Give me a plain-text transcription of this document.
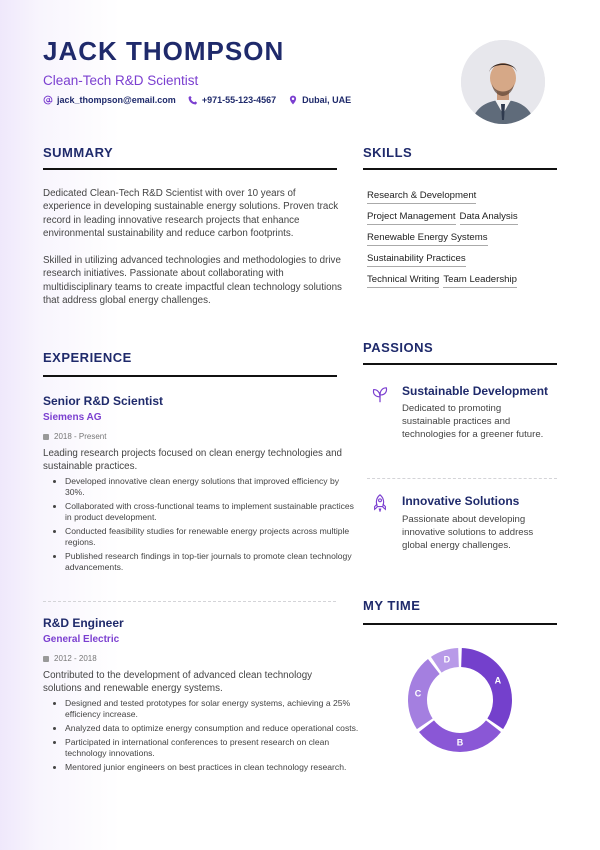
JACK THOMPSON

Clean-Tech R&D Scientist

jack_thompson@email.com	+971-55-123-4567	Dubai, UAE
SUMMARY

Dedicated Clean-Tech R&D Scientist with over 10 years of experience in developing sustainable energy solutions. Proven track record in leading innovative research projects that enhance environmental sustainability and reduce carbon footprints.

Skilled in utilizing advanced technologies and methodologies to drive research initiatives. Passionate about collaborating with multidisciplinary teams to create impactful clean technology solutions that address global energy challenges.

SKILLS
Research & Development
Project Management Data Analysis
Renewable Energy Systems
Sustainability Practices
Technical Writing Team Leadership
EXPERIENCE
Senior R&D Scientist

Siemens AG

2018 - Present

Leading research projects focused on clean energy technologies and sustainable practices.

• Developed innovative clean energy solutions that improved efficiency by 30%.
• Collaborated with cross-functional teams to implement sustainable practices in product development.
• Conducted feasibility studies for renewable energy projects across multiple regions.
• Published research findings in top-tier journals to promote clean technology advancements.
R&D Engineer

General Electric

2012 - 2018

Contributed to the development of advanced clean technology solutions and renewable energy systems.

• Designed and tested prototypes for solar energy systems, achieving a 25% efficiency increase.
• Analyzed data to optimize energy consumption and reduce operational costs.
• Participated in international conferences to present research on clean technology innovations.
• Mentored junior engineers on best practices in clean technology research.
PASSIONS
Sustainable Development

Dedicated to promoting sustainable practices and technologies for a greener future.

Innovative Solutions

Passionate about developing innovative solutions to address global energy challenges.

MY TIME
A
B
C
D
